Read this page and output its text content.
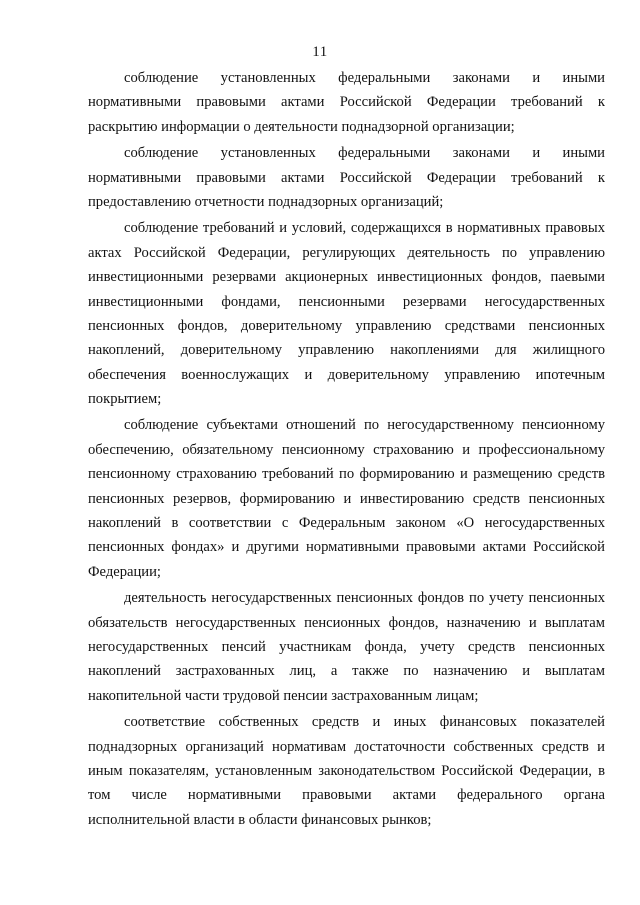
11
соблюдение установленных федеральными законами и иными
нормативными правовыми актами Российской Федерации требований к
раскрытию информации о деятельности поднадзорной организации;
соблюдение установленных федеральными законами и иными
нормативными правовыми актами Российской Федерации требований к
предоставлению отчетности поднадзорных организаций;
соблюдение требований и условий, содержащихся в нормативных правовых
актах Российской Федерации, регулирующих деятельность по управлению
инвестиционными резервами акционерных инвестиционных фондов, паевыми
инвестиционными фондами, пенсионными резервами негосударственных
пенсионных фондов, доверительному управлению средствами пенсионных
накоплений, доверительному управлению накоплениями для жилищного
обеспечения военнослужащих и доверительному управлению ипотечным
покрытием;
соблюдение субъектами отношений по негосударственному пенсионному
обеспечению, обязательному пенсионному страхованию и профессиональному
пенсионному страхованию требований по формированию и размещению средств
пенсионных резервов, формированию и инвестированию средств пенсионных
накоплений в соответствии с Федеральным законом «О негосударственных
пенсионных фондах» и другими нормативными правовыми актами Российской
Федерации;
деятельность негосударственных пенсионных фондов по учету пенсионных
обязательств негосударственных пенсионных фондов, назначению и выплатам
негосударственных пенсий участникам фонда, учету средств пенсионных
накоплений застрахованных лиц, а также по назначению и выплатам
накопительной части трудовой пенсии застрахованным лицам;
соответствие собственных средств и иных финансовых показателей
поднадзорных организаций нормативам достаточности собственных средств и
иным показателям, установленным законодательством Российской Федерации, в
том числе нормативными правовыми актами федерального органа
исполнительной власти в области финансовых рынков;
